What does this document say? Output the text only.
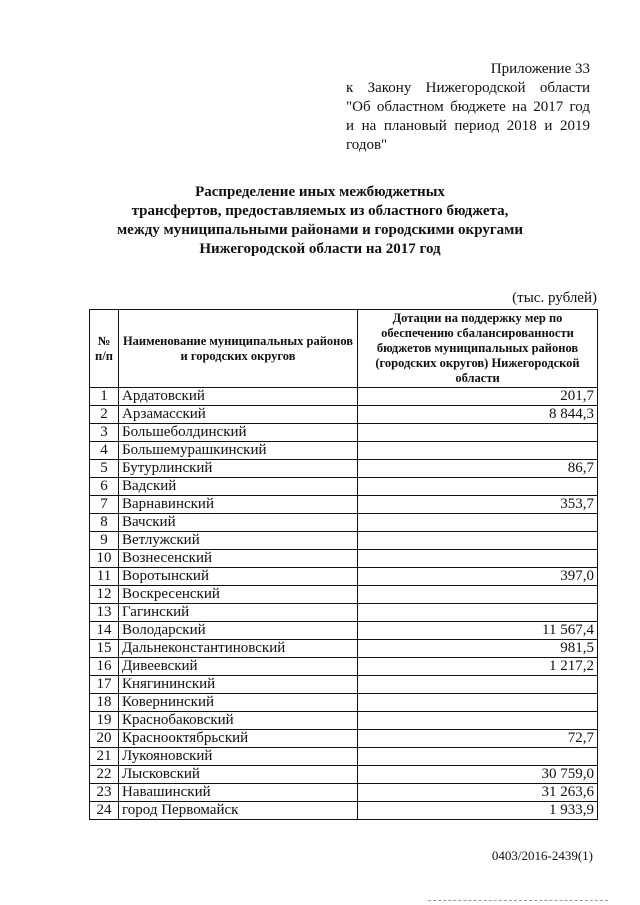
Приложение 33
к Закону Нижегородской области
"Об областном бюджете на 2017 год
и на плановый период 2018 и 2019
годов"
Распределение иных межбюджетных
трансфертов, предоставляемых из областного бюджета,
между муниципальными районами и городскими округами
Нижегородской области на 2017 год
(тыс. рублей)
№ п/п	Наименование муниципальных районов и городских округов	Дотации на поддержку мер по обеспечению сбалансированности бюджетов муниципальных районов (городских округов) Нижегородской области
1	Ардатовский	201,7
2	Арзамасский	8 844,3
3	Большеболдинский	
4	Большемурашкинский	
5	Бутурлинский	86,7
6	Вадский	
7	Варнавинский	353,7
8	Вачский	
9	Ветлужский	
10	Вознесенский	
11	Воротынский	397,0
12	Воскресенский	
13	Гагинский	
14	Володарский	11 567,4
15	Дальнеконстантиновский	981,5
16	Дивеевский	1 217,2
17	Княгининский	
18	Ковернинский	
19	Краснобаковский	
20	Краснооктябрьский	72,7
21	Лукояновский	
22	Лысковский	30 759,0
23	Навашинский	31 263,6
24	город Первомайск	1 933,9
0403/2016-2439(1)
